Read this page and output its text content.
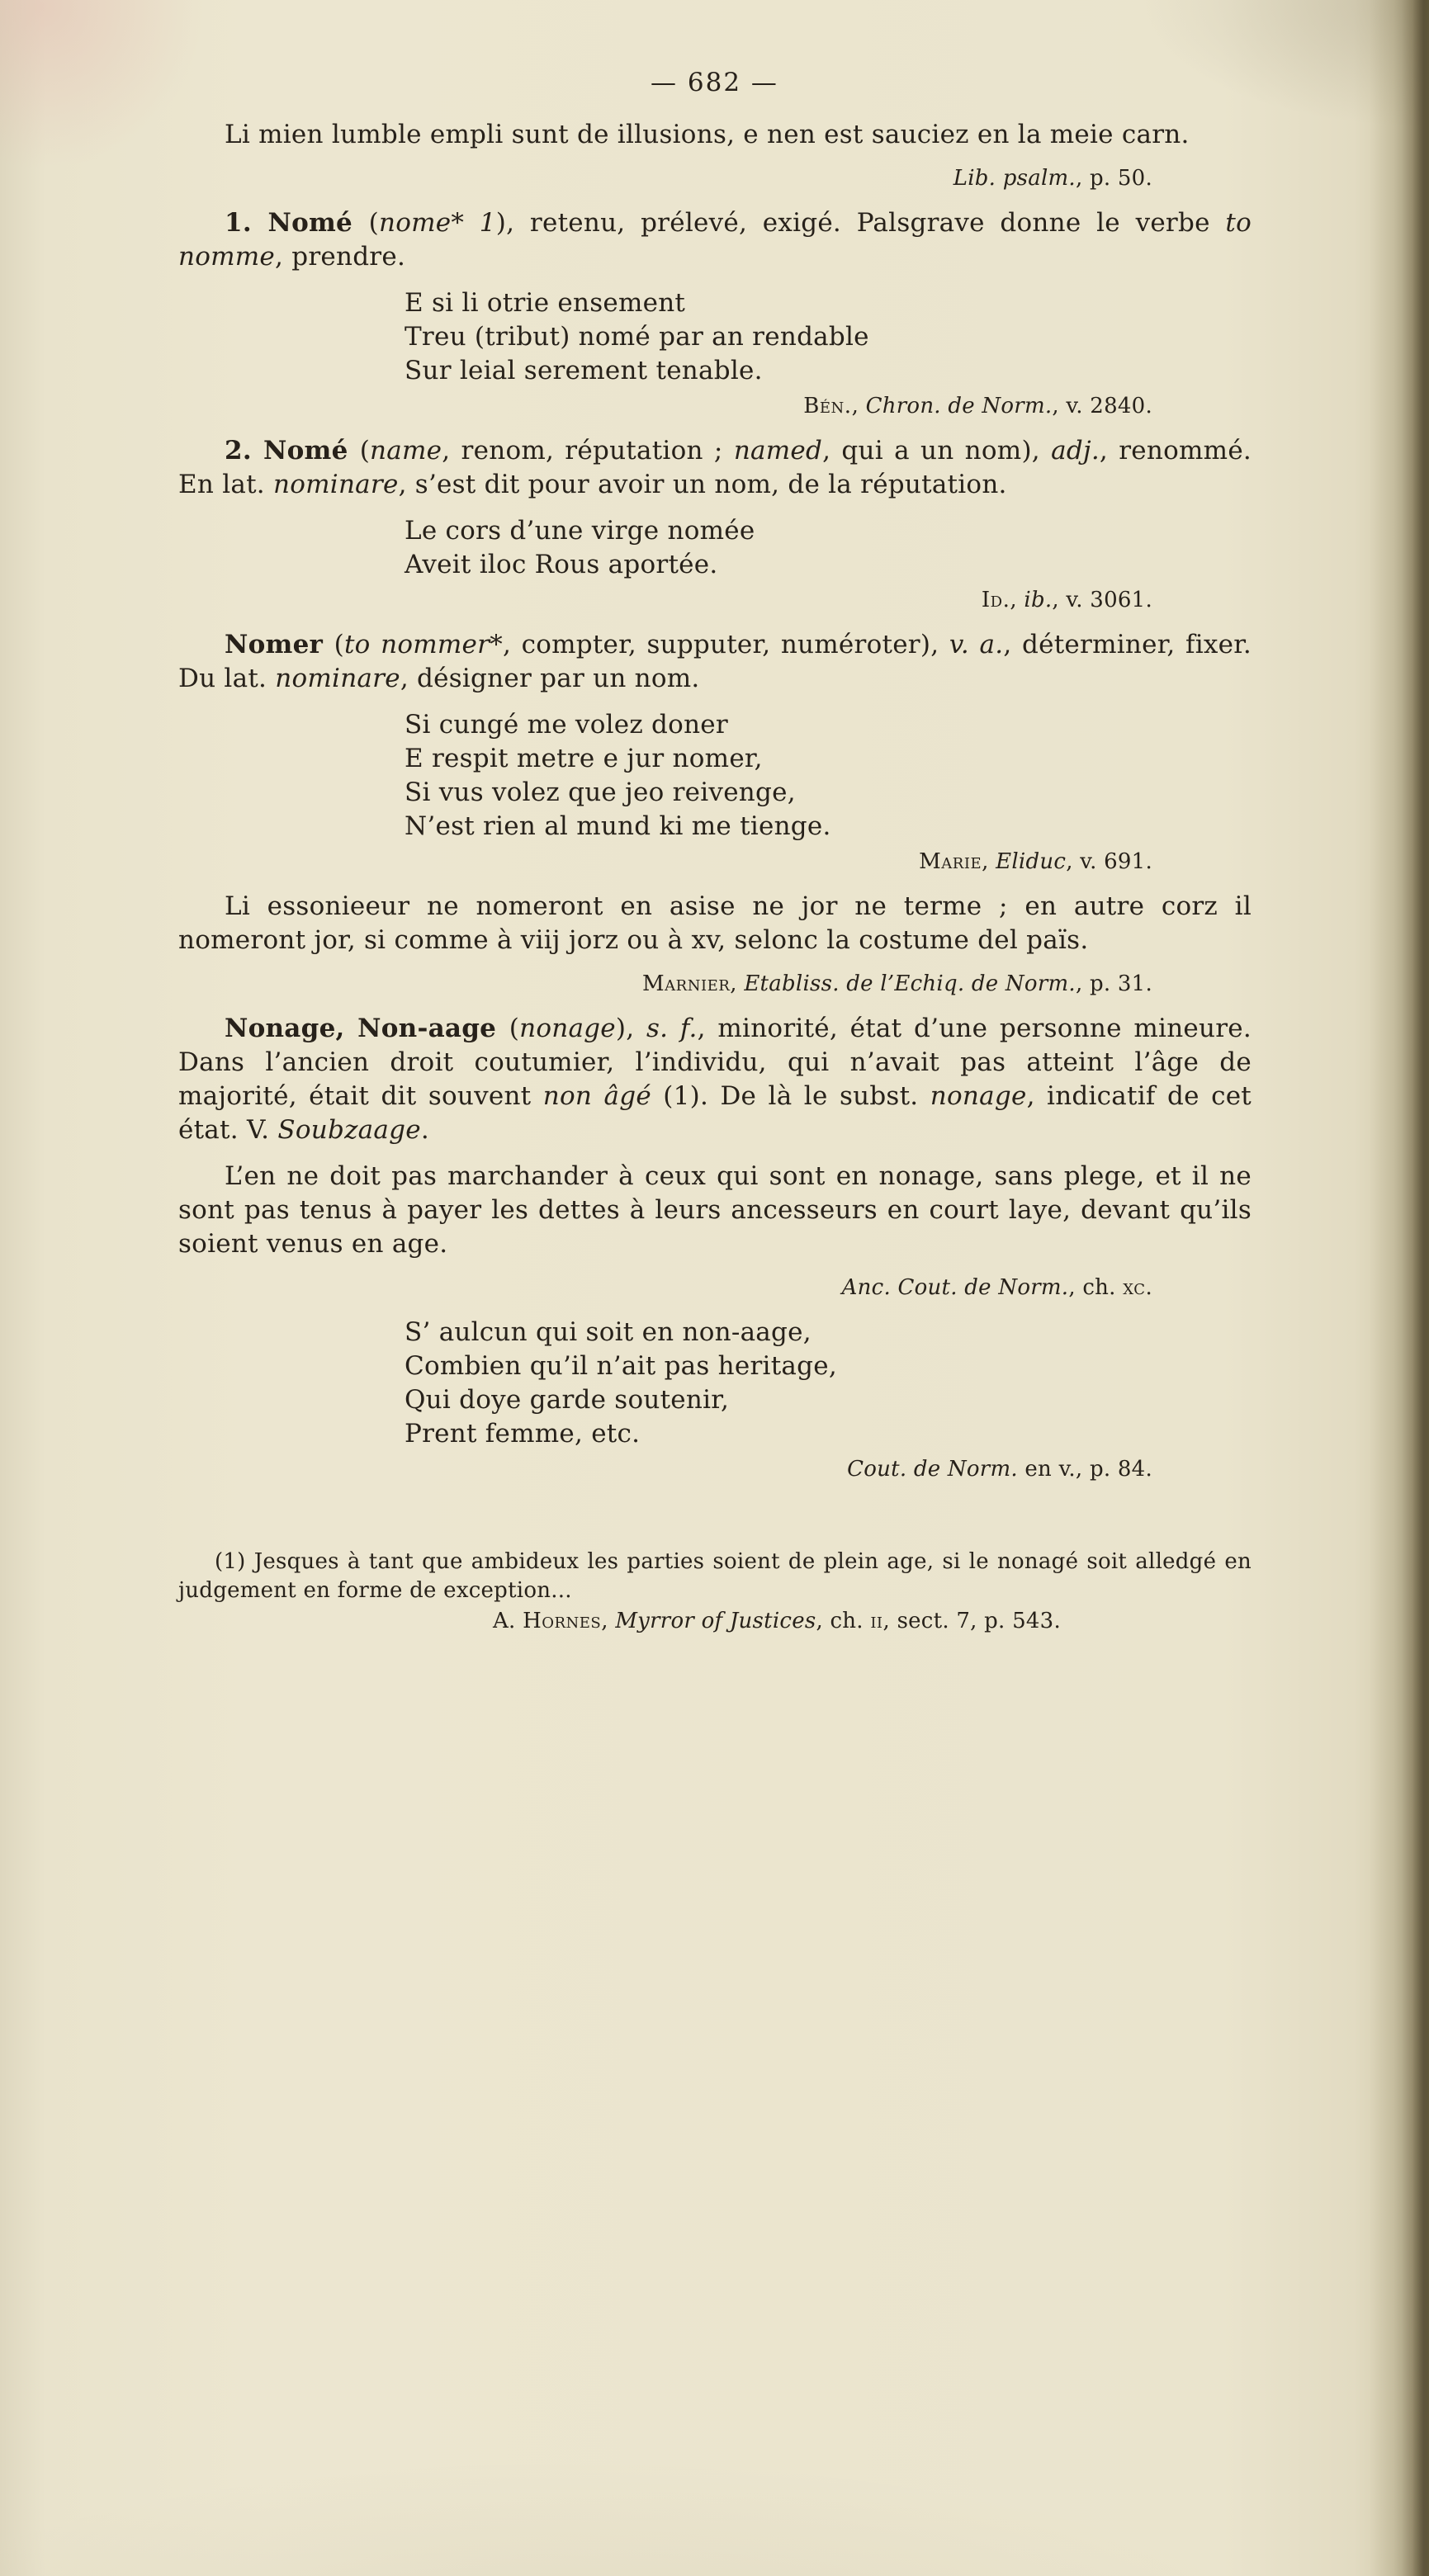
— 682 —
Li mien lumble empli sunt de illusions, e nen est sauciez en la meie carn.
Lib. psalm., p. 50.
1. Nomé (nome* 1), retenu, prélevé, exigé. Palsgrave donne le verbe to nomme, prendre.
E si li otrie ensement
Treu (tribut) nomé par an rendable
Sur leial serement tenable.
Bén., Chron. de Norm., v. 2840.
2. Nomé (name, renom, réputation ; named, qui a un nom), adj., renommé. En lat. nominare, s’est dit pour avoir un nom, de la réputation.
Le cors d’une virge nomée
Aveit iloc Rous aportée.
Id., ib., v. 3061.
Nomer (to nommer*, compter, supputer, numéroter), v. a., déterminer, fixer. Du lat. nominare, désigner par un nom.
Si cungé me volez doner
E respit metre e jur nomer,
Si vus volez que jeo reivenge,
N’est rien al mund ki me tienge.
Marie, Eliduc, v. 691.
Li essonieeur ne nomeront en asise ne jor ne terme ; en autre corz il nomeront jor, si comme à viij jorz ou à xv, selonc la costume del païs.
Marnier, Etabliss. de l’Echiq. de Norm., p. 31.
Nonage, Non-aage (nonage), s. f., minorité, état d’une personne mineure. Dans l’ancien droit coutumier, l’individu, qui n’avait pas atteint l’âge de majorité, était dit souvent non âgé (1). De là le subst. nonage, indicatif de cet état. V. Soubzaage.
L’en ne doit pas marchander à ceux qui sont en nonage, sans plege, et il ne sont pas tenus à payer les dettes à leurs ancesseurs en court laye, devant qu’ils soient venus en age.
Anc. Cout. de Norm., ch. xc.
S’ aulcun qui soit en non-aage,
Combien qu’il n’ait pas heritage,
Qui doye garde soutenir,
Prent femme, etc.
Cout. de Norm. en v., p. 84.
(1) Jesques à tant que ambideux les parties soient de plein age, si le nonagé soit alledgé en judgement en forme de exception...
A. Hornes, Myrror of Justices, ch. ii, sect. 7, p. 543.
